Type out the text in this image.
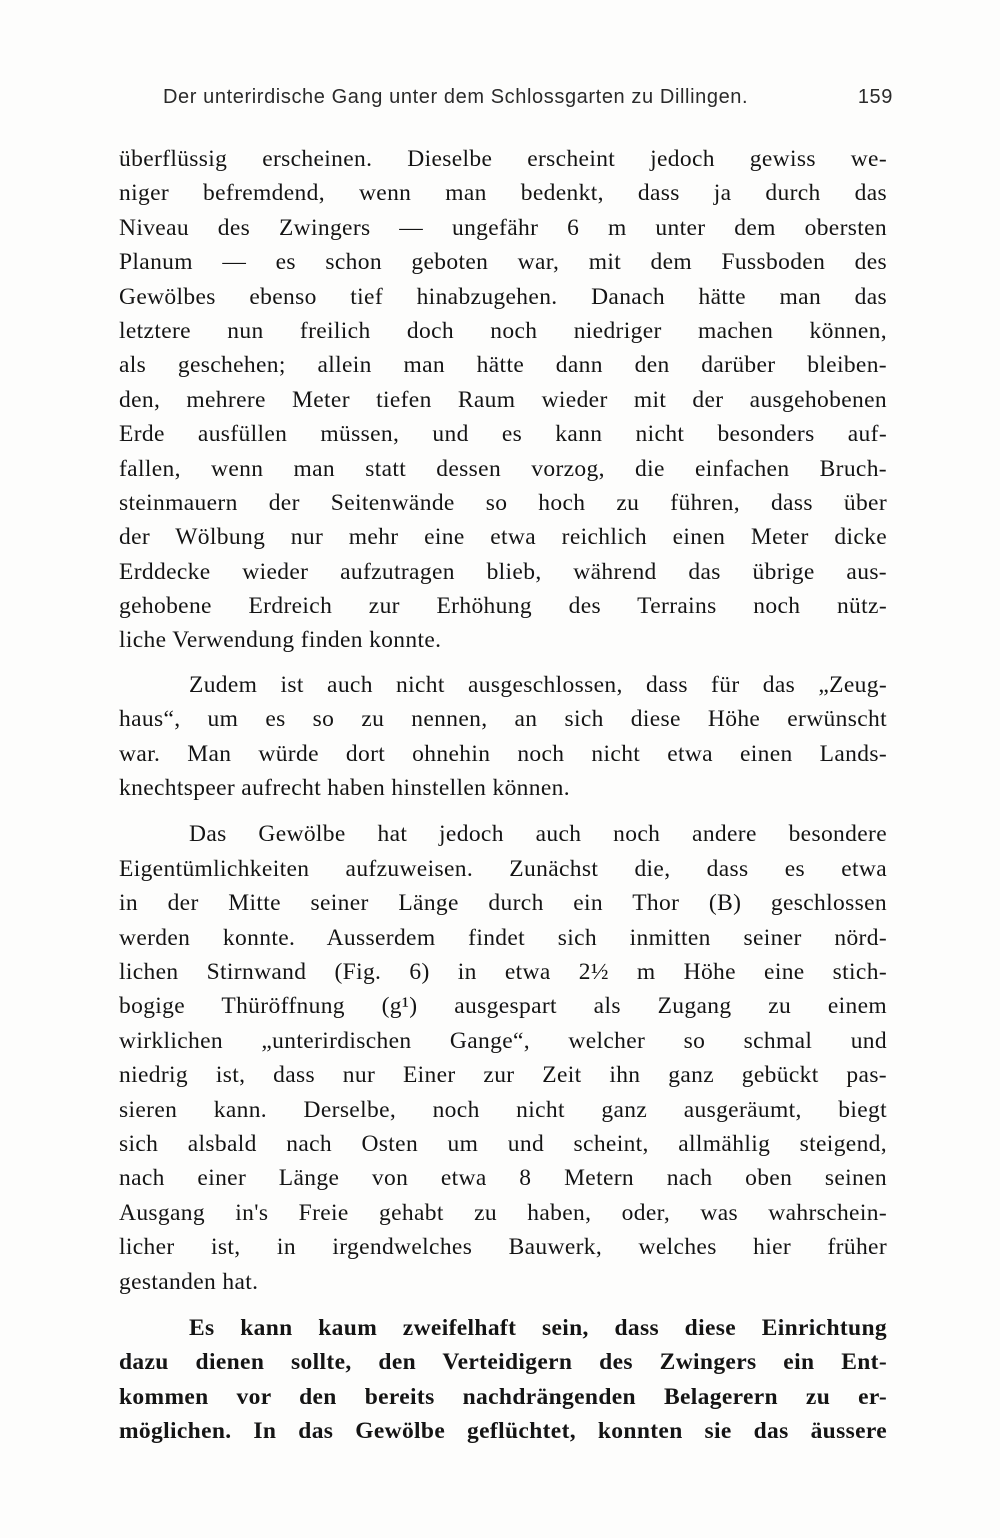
Der unterirdische Gang unter dem Schlossgarten zu Dillingen.	159
überflüssig erscheinen. Dieselbe erscheint jedoch gewiss we-
niger befremdend, wenn man bedenkt, dass ja durch das
Niveau des Zwingers — ungefähr 6 m unter dem obersten
Planum — es schon geboten war, mit dem Fussboden des
Gewölbes ebenso tief hinabzugehen. Danach hätte man das
letztere nun freilich doch noch niedriger machen können,
als geschehen; allein man hätte dann den darüber bleiben-
den, mehrere Meter tiefen Raum wieder mit der ausgehobenen
Erde ausfüllen müssen, und es kann nicht besonders auf-
fallen, wenn man statt dessen vorzog, die einfachen Bruch-
steinmauern der Seitenwände so hoch zu führen, dass über
der Wölbung nur mehr eine etwa reichlich einen Meter dicke
Erddecke wieder aufzutragen blieb, während das übrige aus-
gehobene Erdreich zur Erhöhung des Terrains noch nütz-
liche Verwendung finden konnte.
Zudem ist auch nicht ausgeschlossen, dass für das „Zeug-
haus“, um es so zu nennen, an sich diese Höhe erwünscht
war. Man würde dort ohnehin noch nicht etwa einen Lands-
knechtspeer aufrecht haben hinstellen können.
Das Gewölbe hat jedoch auch noch andere besondere
Eigentümlichkeiten aufzuweisen. Zunächst die, dass es etwa
in der Mitte seiner Länge durch ein Thor (B) geschlossen
werden konnte. Ausserdem findet sich inmitten seiner nörd-
lichen Stirnwand (Fig. 6) in etwa 2½ m Höhe eine stich-
bogige Thüröffnung (g¹) ausgespart als Zugang zu einem
wirklichen „unterirdischen Gange“, welcher so schmal und
niedrig ist, dass nur Einer zur Zeit ihn ganz gebückt pas-
sieren kann. Derselbe, noch nicht ganz ausgeräumt, biegt
sich alsbald nach Osten um und scheint, allmählig steigend,
nach einer Länge von etwa 8 Metern nach oben seinen
Ausgang in's Freie gehabt zu haben, oder, was wahrschein-
licher ist, in irgendwelches Bauwerk, welches hier früher
gestanden hat.
Es kann kaum zweifelhaft sein, dass diese Einrichtung
dazu dienen sollte, den Verteidigern des Zwingers ein Ent-
kommen vor den bereits nachdrängenden Belagerern zu er-
möglichen. In das Gewölbe geflüchtet, konnten sie das äussere
